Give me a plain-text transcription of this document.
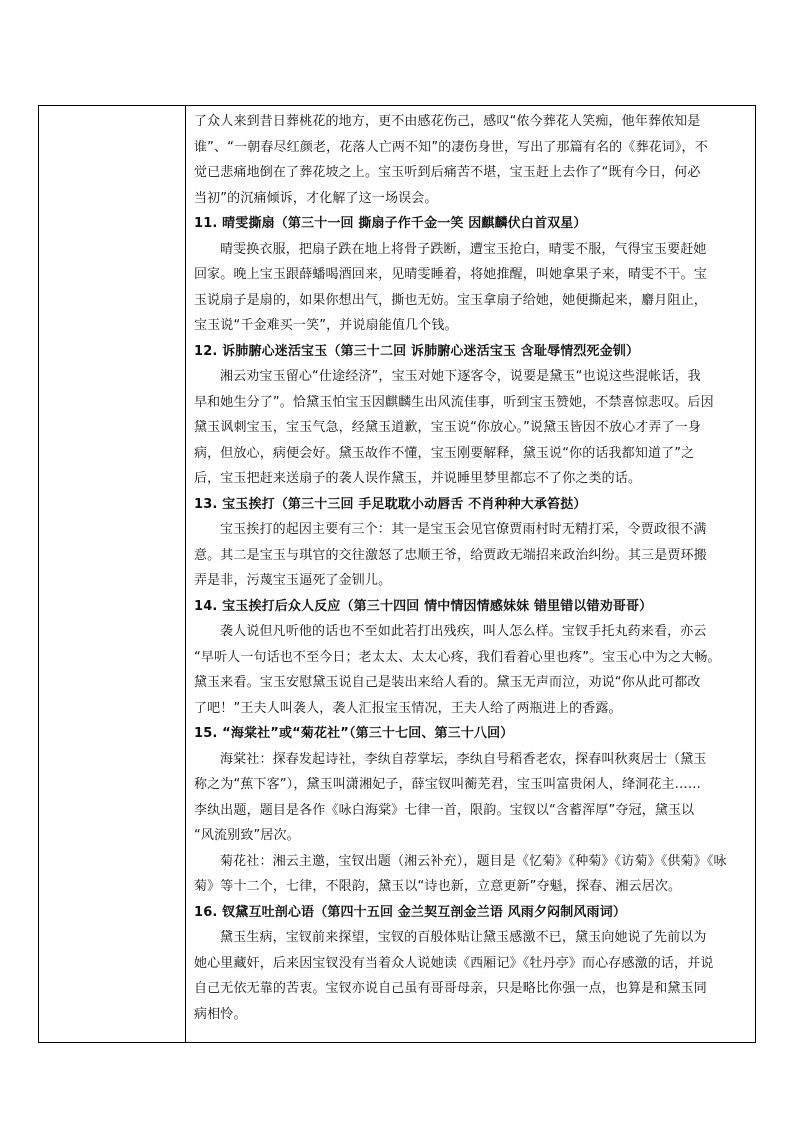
了众人来到昔日葬桃花的地方，更不由感花伤己，感叹“侬今葬花人笑痴，他年葬侬知是
谁”、“一朝春尽红颜老，花落人亡两不知”的凄伤身世，写出了那篇有名的《葬花词》，不
觉已悲痛地倒在了葬花坡之上。宝玉听到后痛苦不堪，宝玉赶上去作了“既有今日，何必
当初”的沉痛倾诉，才化解了这一场误会。
11. 晴雯撕扇（第三十一回 撕扇子作千金一笑 因麒麟伏白首双星）
晴雯换衣服，把扇子跌在地上将骨子跌断，遭宝玉抢白，晴雯不服，气得宝玉要赶她
回家。晚上宝玉跟薛蟠喝酒回来，见晴雯睡着，将她推醒，叫她拿果子来，晴雯不干。宝
玉说扇子是扇的，如果你想出气，撕也无妨。宝玉拿扇子给她，她便撕起来，麝月阻止，
宝玉说“千金难买一笑”，并说扇能值几个钱。
12. 诉肺腑心迷活宝玉（第三十二回 诉肺腑心迷活宝玉 含耻辱情烈死金钏）
湘云劝宝玉留心“仕途经济”，宝玉对她下逐客令，说要是黛玉“也说这些混帐话，我
早和她生分了”。恰黛玉怕宝玉因麒麟生出风流佳事，听到宝玉赞她，不禁喜惊悲叹。后因
黛玉讽刺宝玉，宝玉气急，经黛玉道歉，宝玉说“你放心。”说黛玉皆因不放心才弄了一身
病，但放心，病便会好。黛玉故作不懂，宝玉刚要解释，黛玉说“你的话我都知道了”之
后，宝玉把赶来送扇子的袭人误作黛玉，并说睡里梦里都忘不了你之类的话。
13. 宝玉挨打（第三十三回 手足耽耽小动唇舌 不肖种种大承笞挞）
宝玉挨打的起因主要有三个：其一是宝玉会见官僚贾雨村时无精打采，令贾政很不满
意。其二是宝玉与琪官的交往激怒了忠顺王爷，给贾政无端招来政治纠纷。其三是贾环搬
弄是非，污蔑宝玉逼死了金钏儿。
14. 宝玉挨打后众人反应（第三十四回 情中情因情感妹妹 错里错以错劝哥哥）
袭人说但凡听他的话也不至如此若打出残疾，叫人怎么样。宝钗手托丸药来看，亦云
“早听人一句话也不至今日；老太太、太太心疼，我们看着心里也疼”。宝玉心中为之大畅。
黛玉来看。宝玉安慰黛玉说自己是装出来给人看的。黛玉无声而泣，劝说“你从此可都改
了吧！”王夫人叫袭人，袭人汇报宝玉情况，王夫人给了两瓶进上的香露。
15. “海棠社”或“菊花社”（第三十七回、第三十八回）
海棠社：探春发起诗社，李纨自荐掌坛，李纨自号稻香老农，探春叫秋爽居士（黛玉
称之为“蕉下客”），黛玉叫潇湘妃子，薛宝钗叫蘅芜君，宝玉叫富贵闲人，绛洞花主……
李纨出题，题目是各作《咏白海棠》七律一首，限韵。宝钗以“含蓄浑厚”夺冠，黛玉以
“风流别致”居次。
菊花社：湘云主邀，宝钗出题（湘云补充），题目是《忆菊》《种菊》《访菊》《供菊》《咏
菊》等十二个，七律，不限韵，黛玉以“诗也新，立意更新”夺魁，探春、湘云居次。
16. 钗黛互吐剖心语（第四十五回 金兰契互剖金兰语 风雨夕闷制风雨词）
黛玉生病，宝钗前来探望，宝钗的百般体贴让黛玉感激不已，黛玉向她说了先前以为
她心里藏奸，后来因宝钗没有当着众人说她读《西厢记》《牡丹亭》而心存感激的话，并说
自己无依无靠的苦衷。宝钗亦说自己虽有哥哥母亲，只是略比你强一点，也算是和黛玉同
病相怜。
